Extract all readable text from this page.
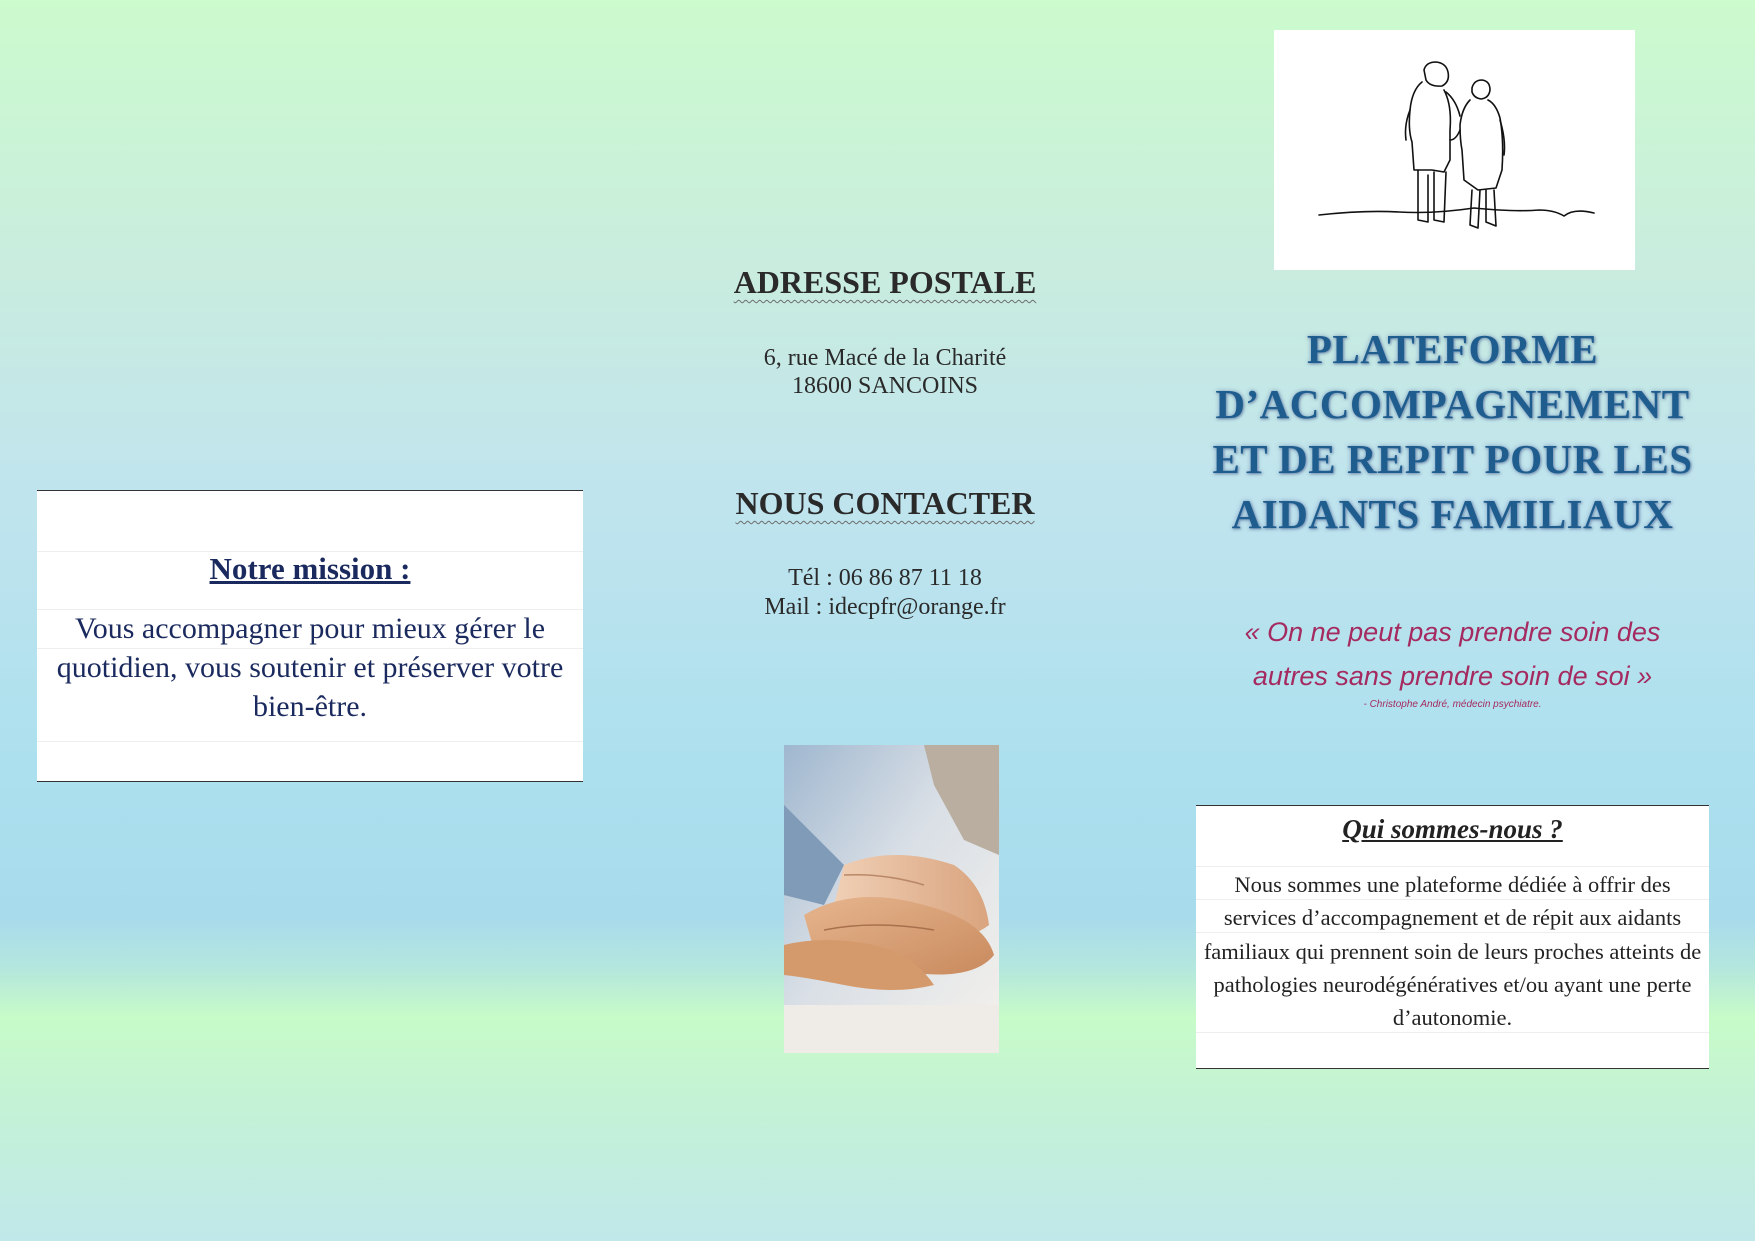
Notre mission :

Vous accompagner pour mieux gérer le quotidien, vous soutenir et préserver votre bien-être.

ADRESSE POSTALE

6, rue Macé de la Charité

18600 SANCOINS

NOUS CONTACTER

Tél : 06 86 87 11 18

Mail : idecpfr@orange.fr

PLATEFORME
D’ACCOMPAGNEMENT
ET DE REPIT POUR LES
AIDANTS FAMILIAUX
« On ne peut pas prendre soin des
autres sans prendre soin de soi »

- Christophe André, médecin psychiatre.

Qui sommes-nous ?

Nous sommes une plateforme dédiée à offrir des services d’accompagnement et de répit aux aidants familiaux qui prennent soin de leurs proches atteints de pathologies neurodégénératives et/ou ayant une perte d’autonomie.
